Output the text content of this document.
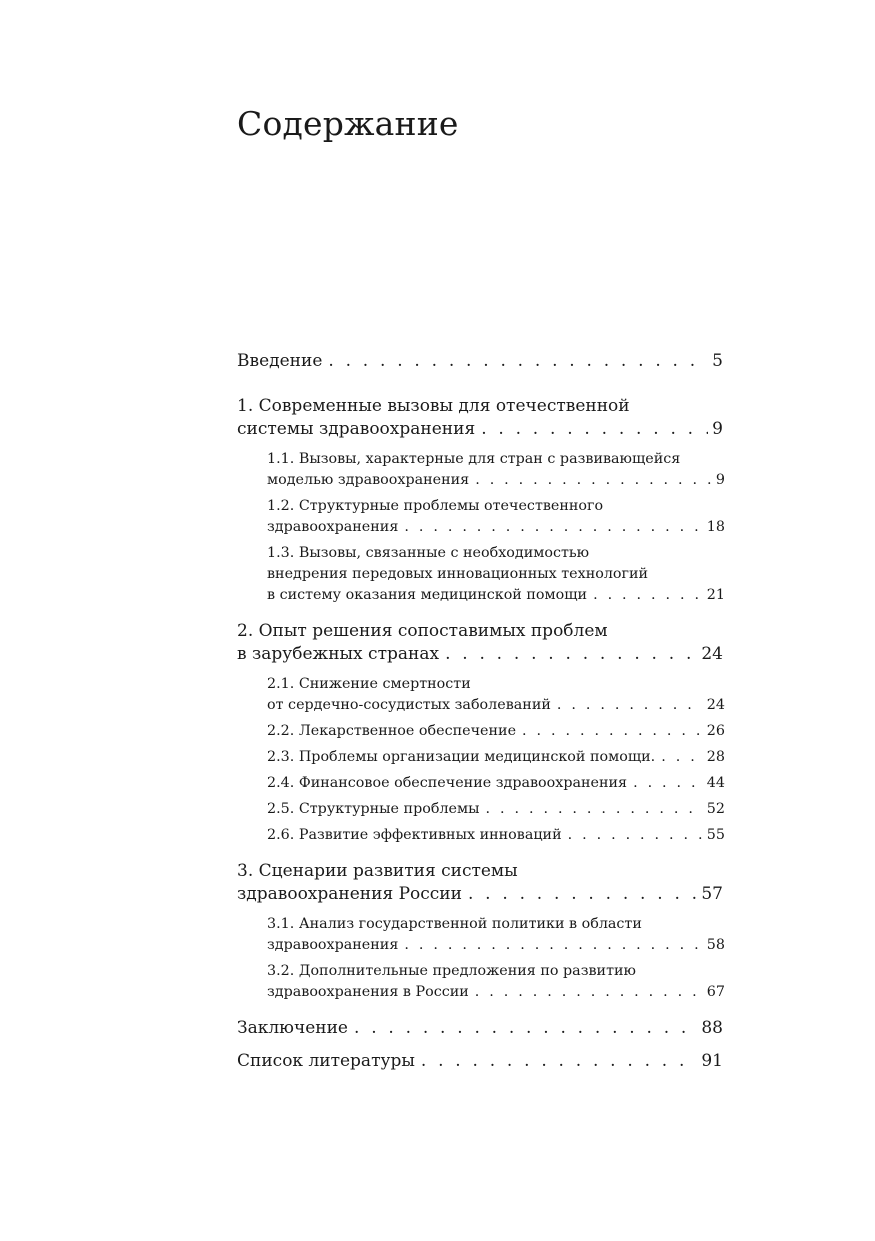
Содержание
Введение . . .	5
1. Современные вызовы для отечественной
системы здравоохранения . . .	9
1.1. Вызовы, характерные для стран с развивающейся
моделью здравоохранения . . .	9
1.2. Структурные проблемы отечественного
здравоохранения . . .	18
1.3. Вызовы, связанные с необходимостью
внедрения передовых инновационных технологий
в систему оказания медицинской помощи . . .	21
2. Опыт решения сопоставимых проблем
в зарубежных странах . . .	24
2.1. Снижение смертности
от сердечно-сосудистых заболеваний . . .	24
2.2. Лекарственное обеспечение . . .	26
2.3. Проблемы организации медицинской помощи. . . .	28
2.4. Финансовое обеспечение здравоохранения . . .	44
2.5. Структурные проблемы . . .	52
2.6. Развитие эффективных инноваций . . .	55
3. Сценарии развития системы
здравоохранения России . . .	57
3.1. Анализ государственной политики в области
здравоохранения . . .	58
3.2. Дополнительные предложения по развитию
здравоохранения в России . . .	67
Заключение . . .	88
Список литературы . . .	91
